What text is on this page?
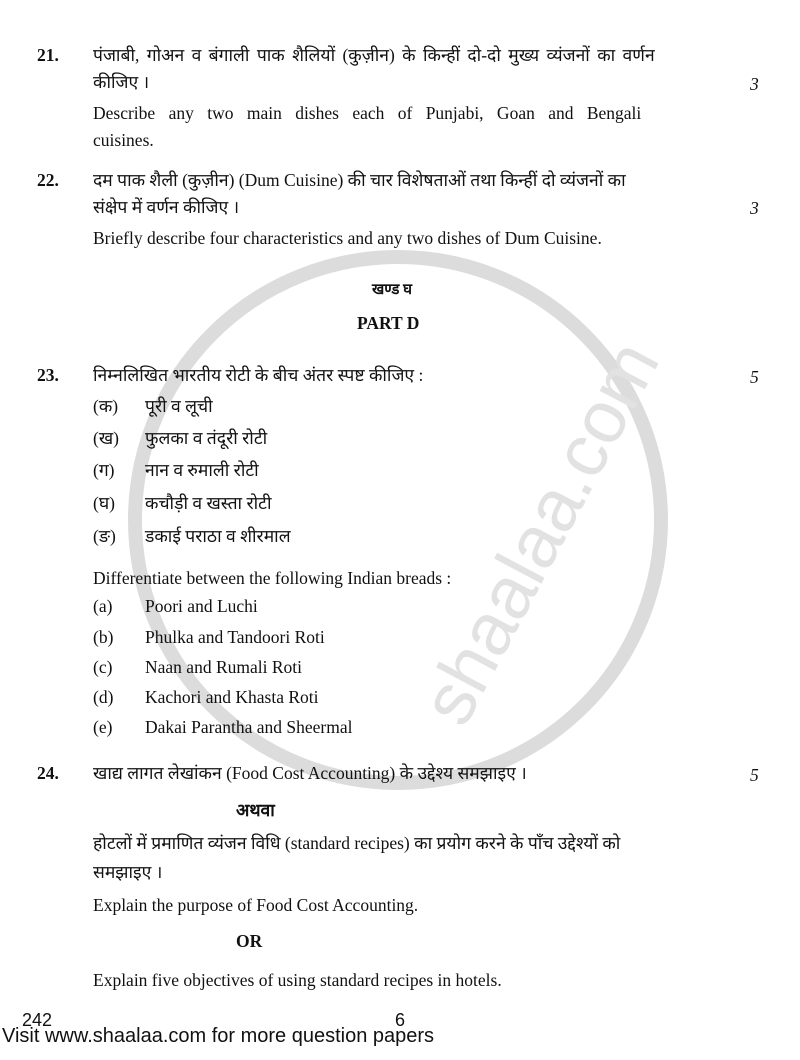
shaalaa.com
21. पंजाबी, गोअन व बंगाली पाक शैलियों (कुज़ीन) के किन्हीं दो-दो मुख्य व्यंजनों का वर्णन
कीजिए ।	3
Describe any two main dishes each of Punjabi, Goan and Bengali
cuisines.
22. दम पाक शैली (कुज़ीन) (Dum Cuisine) की चार विशेषताओं तथा किन्हीं दो व्यंजनों का
संक्षेप में वर्णन कीजिए ।	3
Briefly describe four characteristics and any two dishes of Dum Cuisine.
खण्ड घ
PART D
23. निम्नलिखित भारतीय रोटी के बीच अंतर स्पष्ट कीजिए :	5
(क) पूरी व लूची
(ख) फुलका व तंदूरी रोटी
(ग) नान व रुमाली रोटी
(घ) कचौड़ी व खस्ता रोटी
(ङ) डकाई पराठा व शीरमाल
Differentiate between the following Indian breads :
(a) Poori and Luchi
(b) Phulka and Tandoori Roti
(c) Naan and Rumali Roti
(d) Kachori and Khasta Roti
(e) Dakai Parantha and Sheermal
24. खाद्य लागत लेखांकन (Food Cost Accounting) के उद्देश्य समझाइए ।	5
अथवा
होटलों में प्रमाणित व्यंजन विधि (standard recipes) का प्रयोग करने के पाँच उद्देश्यों को
समझाइए ।
Explain the purpose of Food Cost Accounting.
OR
Explain five objectives of using standard recipes in hotels.
242	6
Visit www.shaalaa.com for more question papers
